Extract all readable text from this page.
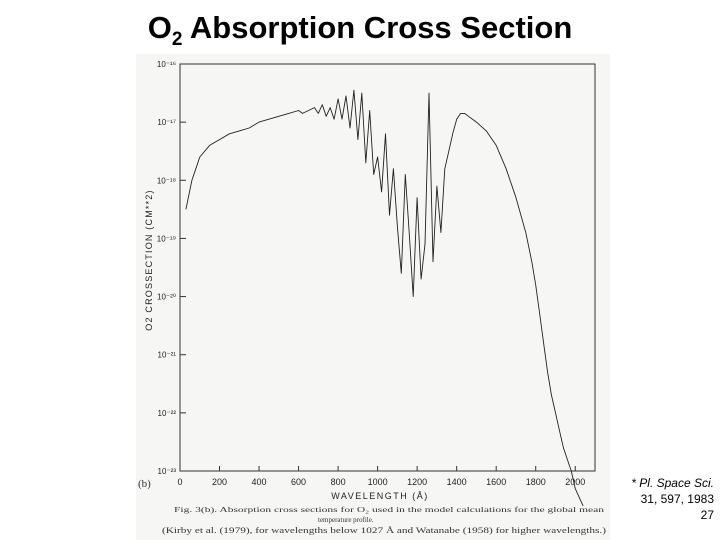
$O_2$ Absorption Cross Section
0	200	400	600	800 1000 1200 1400 1600 1800 2000
10⁻¹⁶
10⁻¹⁷
10⁻¹⁸
10⁻¹⁹
10⁻²⁰
10⁻²¹
10⁻²²
10⁻²³
WAVELENGTH (Å)
O2 CROSSECTION (CM**2)
(b)
Fig. 3(b). Absorption cross sections for O₂ used in the model calculations for the global mean
temperature profile.
(Kirby et al. (1979), for wavelengths below 1027 Å and Watanabe (1958) for higher wavelengths.)
* Pl. Space Sci.
31, 597, 1983
27
